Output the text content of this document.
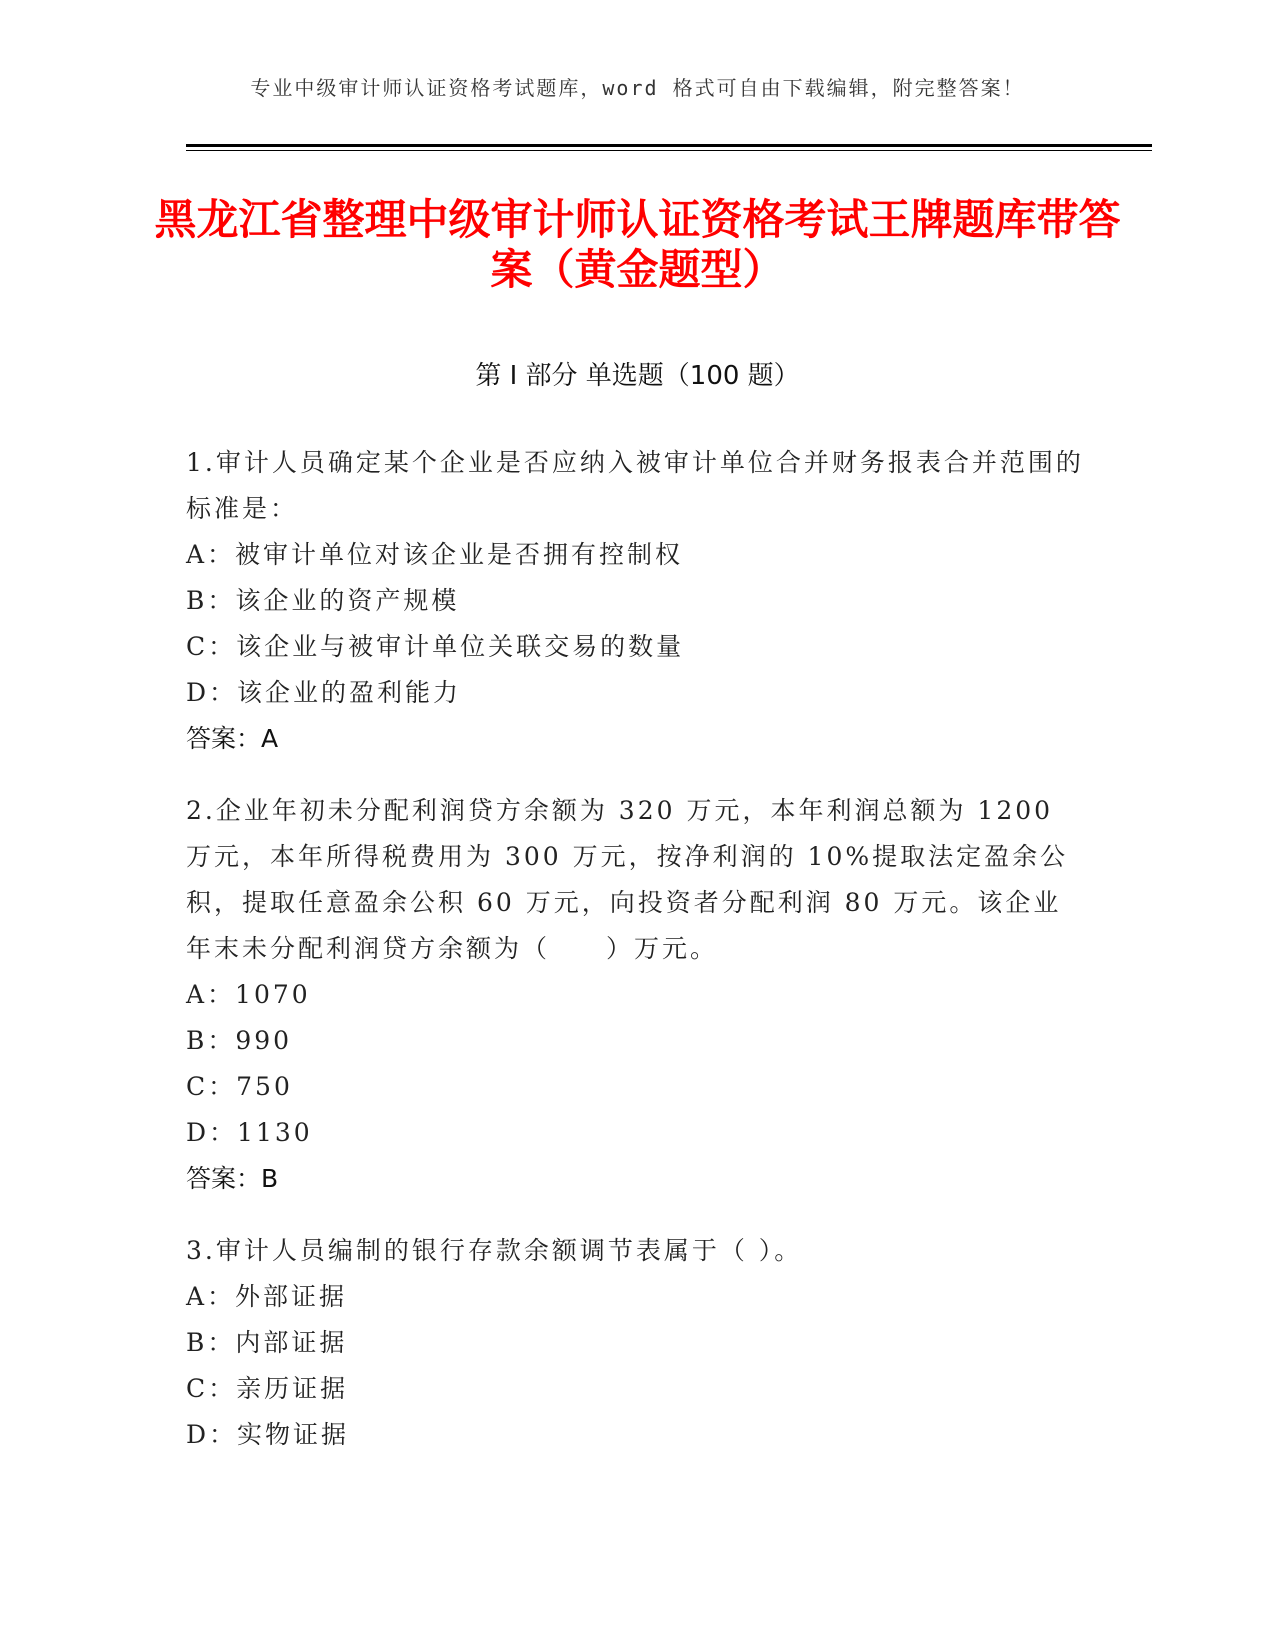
专业中级审计师认证资格考试题库，word 格式可自由下载编辑，附完整答案！
黑龙江省整理中级审计师认证资格考试王牌题库带答案（黄金题型）
第 I 部分 单选题（100 题）
1.审计人员确定某个企业是否应纳入被审计单位合并财务报表合并范围的标准是：
A：被审计单位对该企业是否拥有控制权
B：该企业的资产规模
C：该企业与被审计单位关联交易的数量
D：该企业的盈利能力
答案：A
2.企业年初未分配利润贷方余额为 320 万元，本年利润总额为 1200 万元，本年所得税费用为 300 万元，按净利润的 10%提取法定盈余公积，提取任意盈余公积 60 万元，向投资者分配利润 80 万元。该企业年末未分配利润贷方余额为（　　）万元。
A：1070
B：990
C：750
D：1130
答案：B
3.审计人员编制的银行存款余额调节表属于（ ）。
A：外部证据
B：内部证据
C：亲历证据
D：实物证据
